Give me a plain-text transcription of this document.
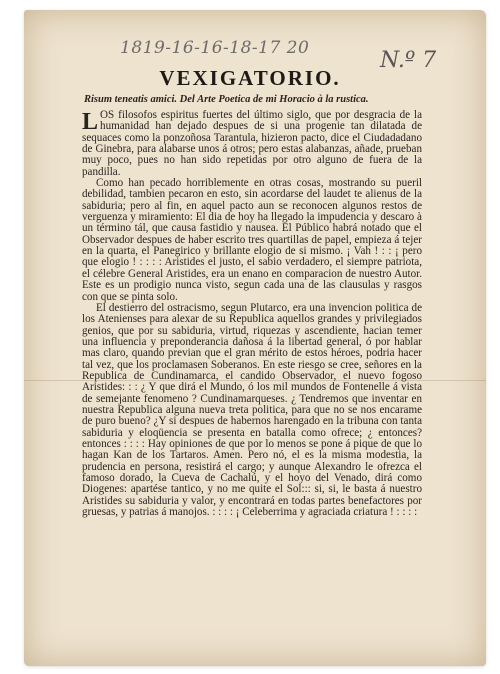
1819-16-16-18-17 20	N.º 7
VEXIGATORIO.
Risum teneatis amici. Del Arte Poetica de mi Horacio à la rustica.

LOS filosofos espiritus fuertes del último siglo, que por desgracia de la humanidad han dejado despues de si una progenie tan dilatada de sequaces como la ponzoñosa Tarantula, hizieron pacto, dice el Ciudadadano de Ginebra, para alabarse unos á otros; pero estas alabanzas, añade, prueban muy poco, pues no han sido repetidas por otro alguno de fuera de la pandilla.

Como han pecado horriblemente en otras cosas, mostrando su pueril debilidad, tambien pecaron en esto, sin acordarse del laudet te alienus de la sabiduria; pero al fin, en aquel pacto aun se reconocen algunos restos de verguenza y miramiento: El dia de hoy ha llegado la impudencia y descaro à un término tál, que causa fastidio y nausea. El Público habrá notado que el Observador despues de haber escrito tres quartillas de papel, empieza á tejer en la quarta, el Panegirico y brillante elogio de si mismo. ¡ Vah ! : : ¡ pero que elogio ! : : : : Aristides el justo, el sabio verdadero, el siempre patriota, el célebre General Aristides, era un enano en comparacion de nuestro Autor. Este es un prodigio nunca visto, segun cada una de las clausulas y rasgos con que se pinta solo.

El destierro del ostracismo, segun Plutarco, era una invencion politica de los Atenienses para alexar de su Republica aquellos grandes y privilegiados genios, que por su sabiduria, virtud, riquezas y ascendiente, hacian temer una influencia y preponderancia dañosa á la libertad general, ó por hablar mas claro, quando previan que el gran mérito de estos héroes, podria hacer tal vez, que los proclamasen Soberanos. En este riesgo se cree, señores en la Republica de Cundinamarca, el candido Observador, el nuevo fogoso Aristides: : : ¿ Y que dirá el Mundo, ó los mil mundos de Fontenelle á vista de semejante fenomeno ? Cundinamarqueses. ¿ Tendremos que inventar en nuestra Republica alguna nueva treta politica, para que no se nos encarame de puro bueno? ¿Y si despues de habernos harengado en la tribuna con tanta sabiduria y eloqüencia se presenta en batalla como ofrece; ¿ entonces? entonces : : : : Hay opiniones de que por lo menos se pone á pique de que lo hagan Kan de los Tartaros. Amen. Pero nó, el es la misma modestia, la prudencia en persona, resistirá el cargo; y aunque Alexandro le ofrezca el famoso dorado, la Cueva de Cachalú, y el hoyo del Venado, dirá como Diogenes: apartése tantico, y no me quite el Sol::: si, si, le basta á nuestro Aristides su sabiduria y valor, y encontrará en todas partes benefactores por gruesas, y patrias á manojos. : : : : ¡ Celeberrima y agraciada criatura ! : : : :
